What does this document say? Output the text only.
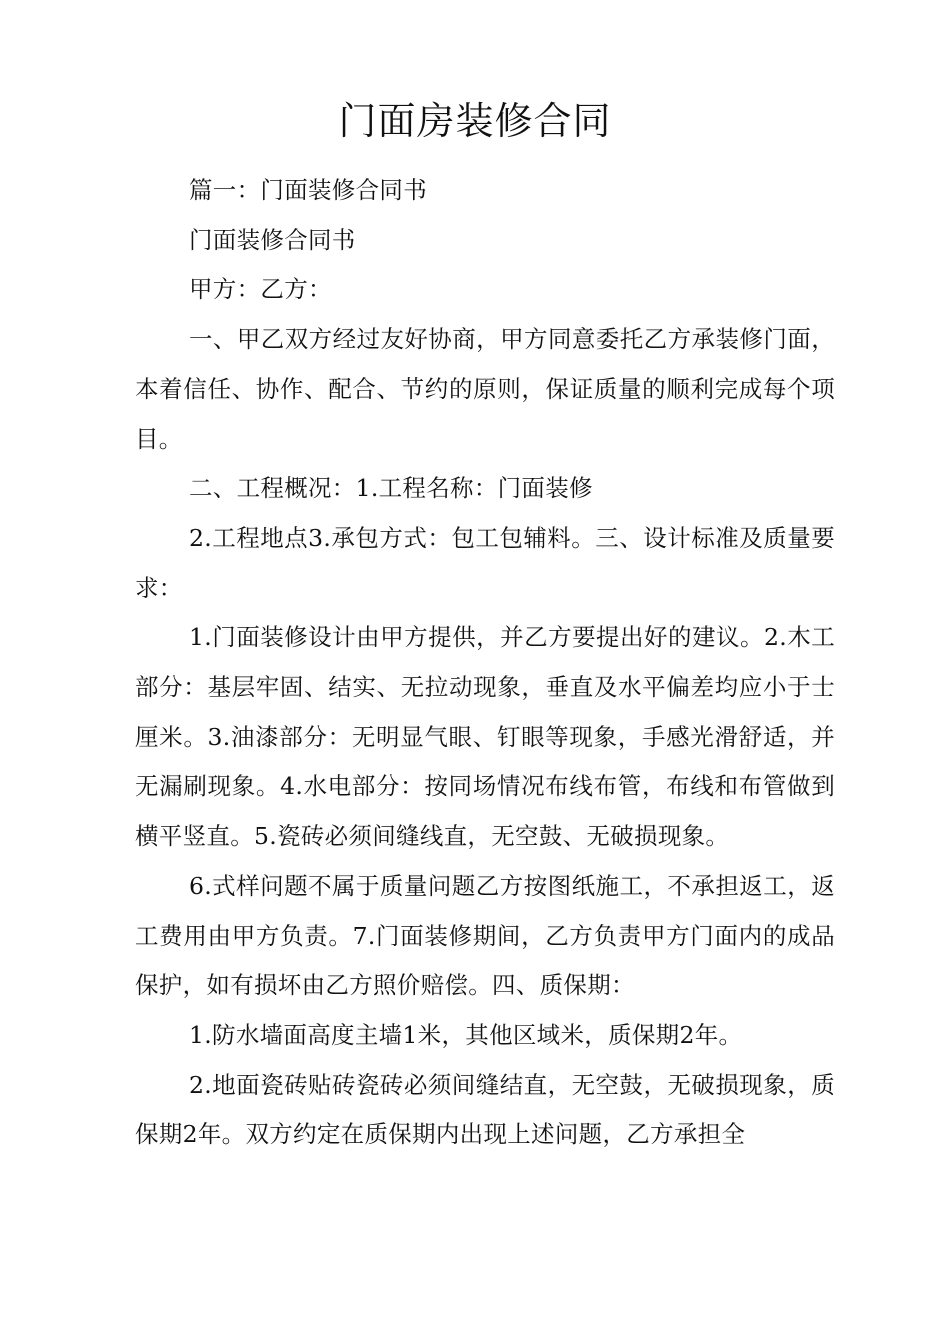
门面房装修合同

篇一：门面装修合同书

门面装修合同书

甲方：乙方：

一、甲乙双方经过友好协商，甲方同意委托乙方承装修门面，本着信任、协作、配合、节约的原则，保证质量的顺利完成每个项目。

二、工程概况：1.工程名称：门面装修

2.工程地点3.承包方式：包工包辅料。三、设计标准及质量要求：

1.门面装修设计由甲方提供，并乙方要提出好的建议。2.木工部分：基层牢固、结实、无拉动现象，垂直及水平偏差均应小于士厘米。3.油漆部分：无明显气眼、钉眼等现象，手感光滑舒适，并无漏刷现象。4.水电部分：按同场情况布线布管，布线和布管做到横平竖直。5.瓷砖必须间缝线直，无空鼓、无破损现象。

6.式样问题不属于质量问题乙方按图纸施工，不承担返工，返工费用由甲方负责。7.门面装修期间，乙方负责甲方门面内的成品保护，如有损坏由乙方照价赔偿。四、质保期：

1.防水墙面高度主墙1米，其他区域米，质保期2年。

2.地面瓷砖贴砖瓷砖必须间缝结直，无空鼓，无破损现象，质保期2年。双方约定在质保期内出现上述问题，乙方承担全
